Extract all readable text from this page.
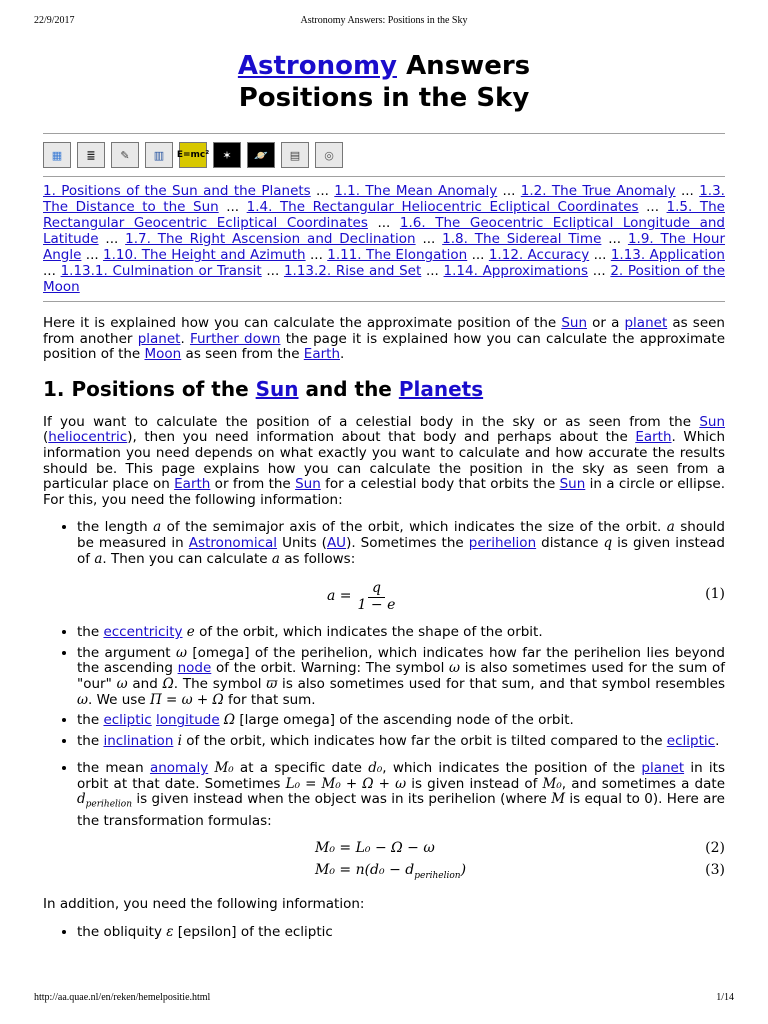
22/9/2017	Astronomy Answers: Positions in the Sky
Astronomy Answers
Positions in the Sky
▦	≣	✎	▥	E=mc²	✶	🪐	▤	◎
1. Positions of the Sun and the Planets ... 1.1. The Mean Anomaly ... 1.2. The True Anomaly ... 1.3. The Distance to the Sun ... 1.4. The Rectangular Heliocentric Ecliptical Coordinates ... 1.5. The Rectangular Geocentric Ecliptical Coordinates ... 1.6. The Geocentric Ecliptical Longitude and Latitude ... 1.7. The Right Ascension and Declination ... 1.8. The Sidereal Time ... 1.9. The Hour Angle ... 1.10. The Height and Azimuth ... 1.11. The Elongation ... 1.12. Accuracy ... 1.13. Application ... 1.13.1. Culmination or Transit ... 1.13.2. Rise and Set ... 1.14. Approximations ... 2. Position of the Moon

Here it is explained how you can calculate the approximate position of the Sun or a planet as seen from another planet. Further down the page it is explained how you can calculate the approximate position of the Moon as seen from the Earth.

1. Positions of the Sun and the Planets

If you want to calculate the position of a celestial body in the sky or as seen from the Sun (heliocentric), then you need information about that body and perhaps about the Earth. Which information you need depends on what exactly you want to calculate and how accurate the results should be. This page explains how you can calculate the position in the sky as seen from a particular place on Earth or from the Sun for a celestial body that orbits the Sun in a circle or ellipse. For this, you need the following information:

• the length a of the semimajor axis of the orbit, which indicates the size of the orbit. a should be measured in Astronomical Units (AU). Sometimes the perihelion distance q is given instead of a. Then you can calculate a as follows:
$a = \frac{q}{1 - e}$	(1)
• the eccentricity e of the orbit, which indicates the shape of the orbit.
• the argument ω [omega] of the perihelion, which indicates how far the perihelion lies beyond the ascending node of the orbit. Warning: The symbol ω is also sometimes used for the sum of "our" ω and Ω. The symbol ϖ is also sometimes used for that sum, and that symbol resembles ω. We use Π = ω + Ω for that sum.
• the ecliptic longitude Ω [large omega] of the ascending node of the orbit.
• the inclination i of the orbit, which indicates how far the orbit is tilted compared to the ecliptic.
• the mean anomaly M₀ at a specific date d₀, which indicates the position of the planet in its orbit at that date. Sometimes L₀ = M₀ + Ω + ω is given instead of M₀, and sometimes a date $d_{perihelion}$ is given instead when the object was in its perihelion (where M is equal to 0). Here are the transformation formulas:
M₀ = L₀ − Ω − ω	(2)
$M_0 = n(d_0 - d_{perihelion})$	(3)

In addition, you need the following information:

• the obliquity ε [epsilon] of the ecliptic
http://aa.quae.nl/en/reken/hemelpositie.html	1/14
